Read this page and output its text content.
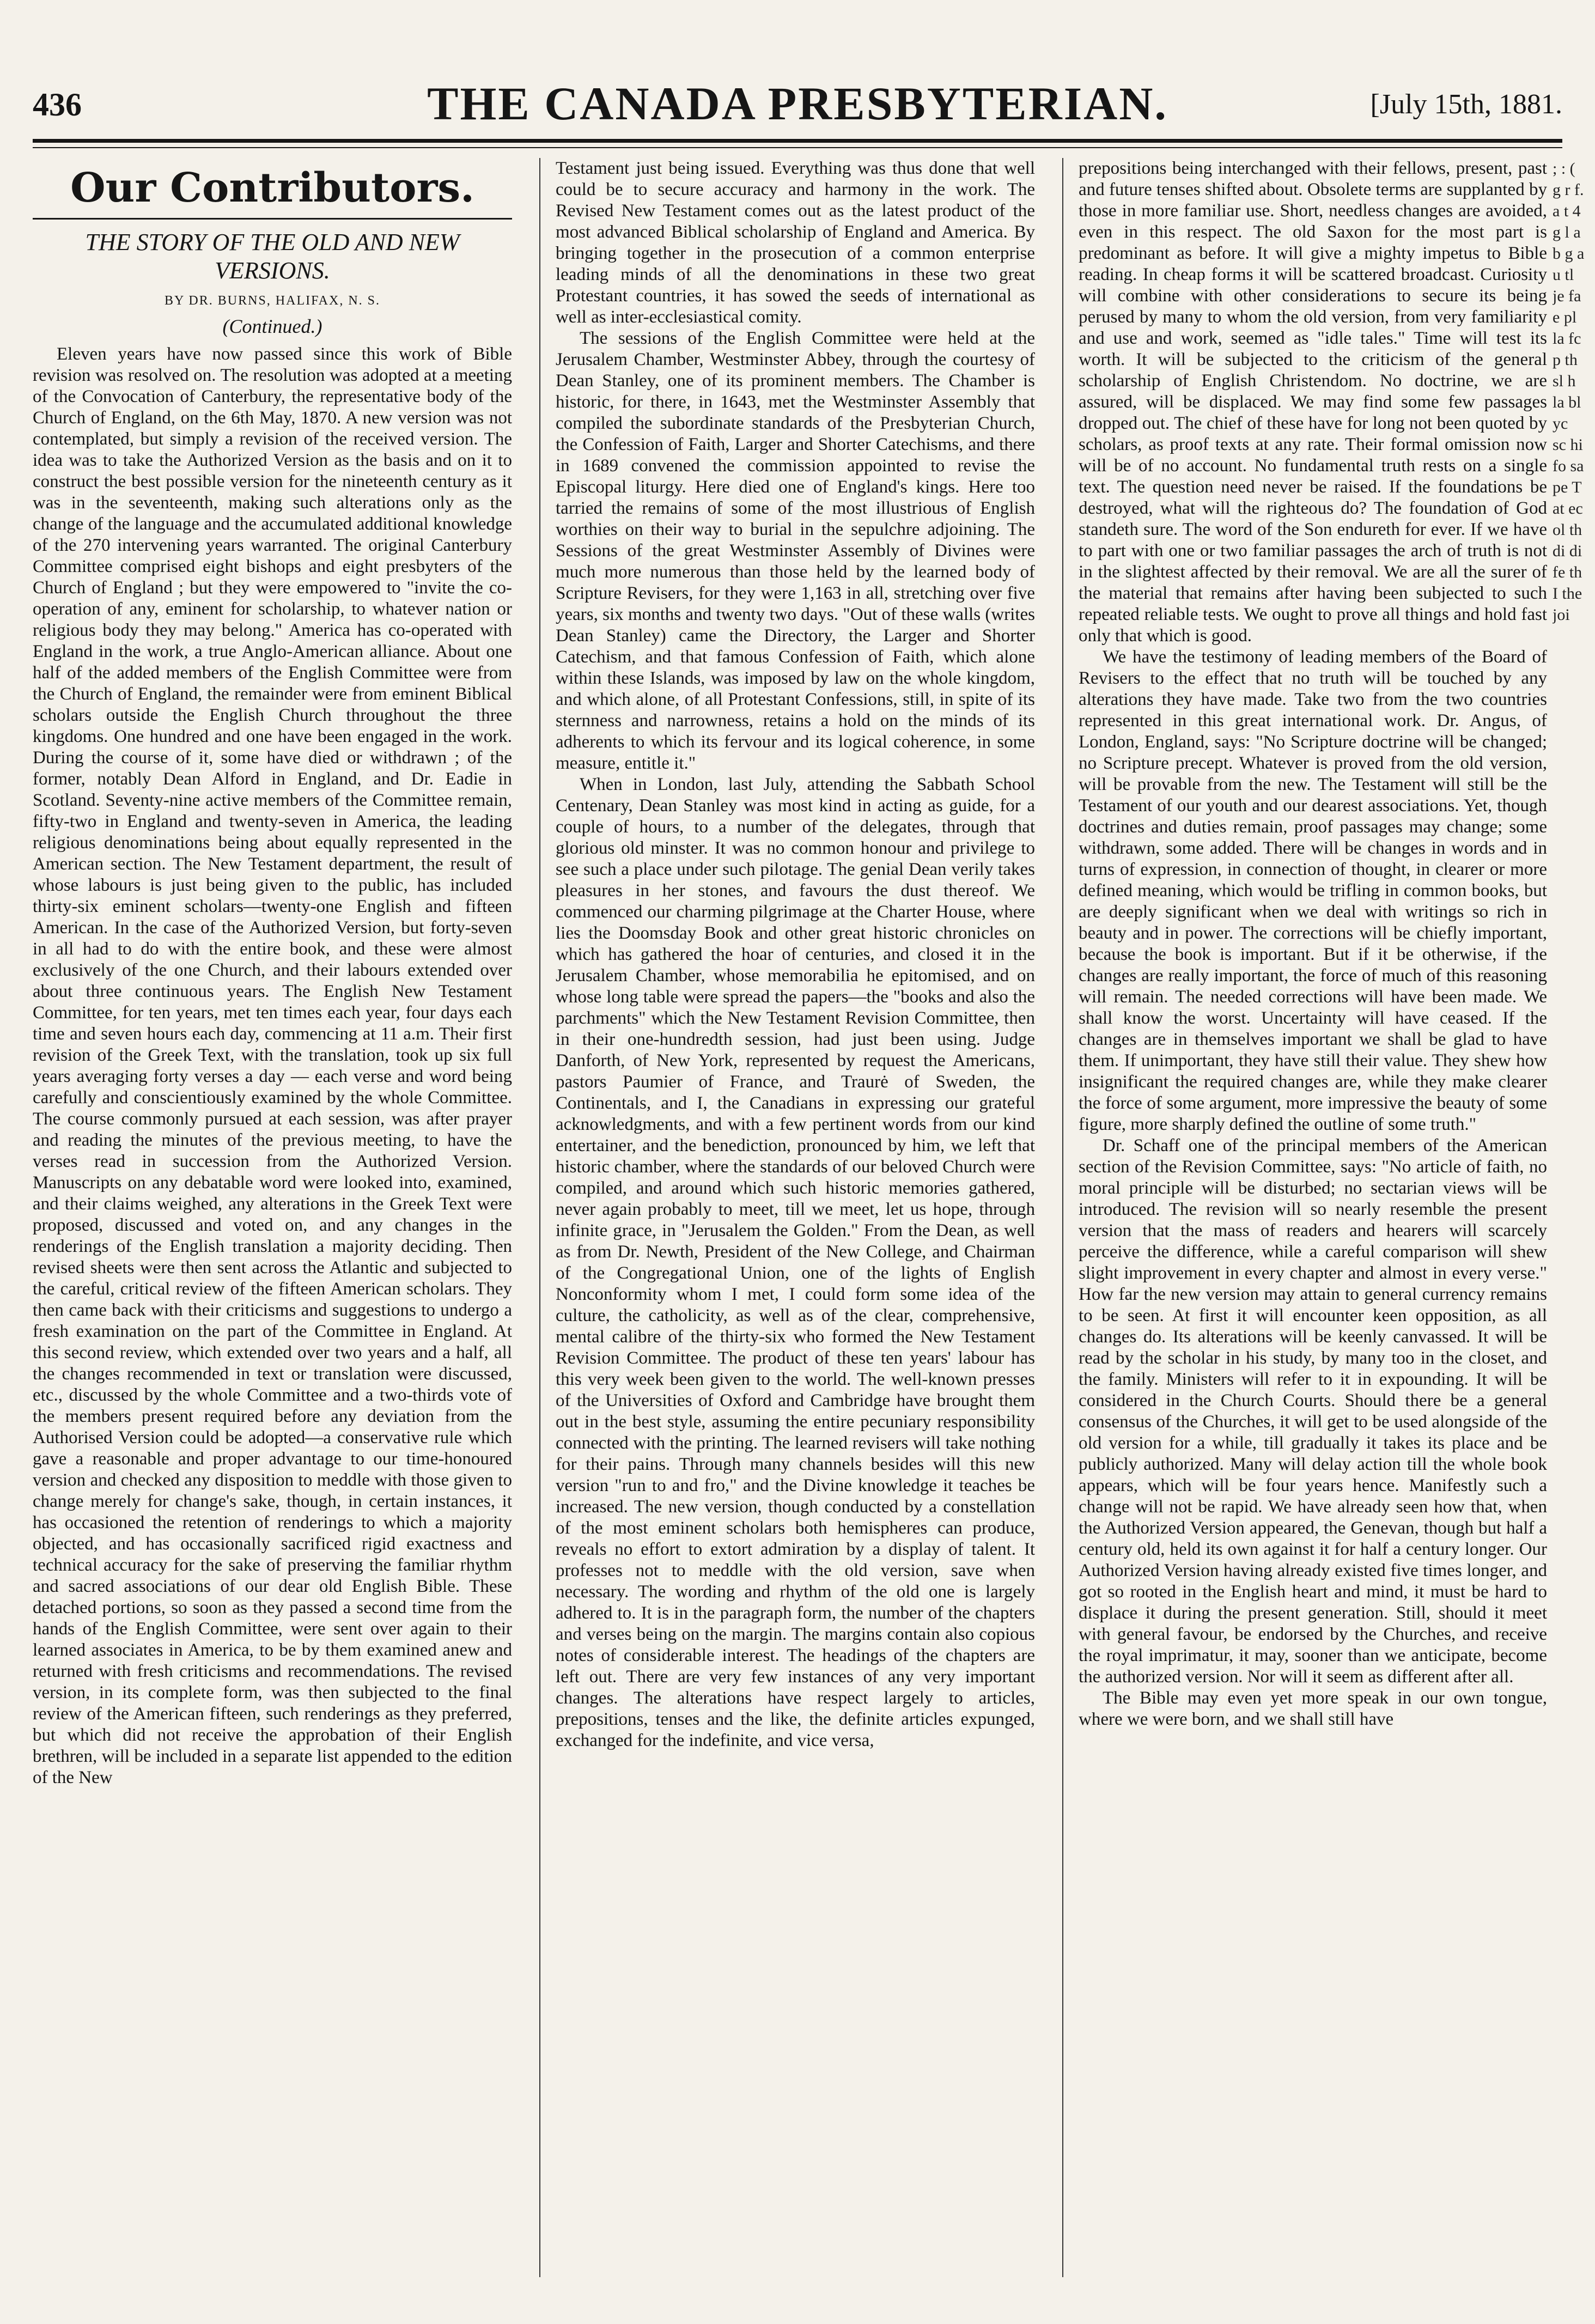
436	THE CANADA PRESBYTERIAN.	[July 15th, 1881.
Our Contributors.
THE STORY OF THE OLD AND NEW VERSIONS.
BY DR. BURNS, HALIFAX, N. S.
(Continued.)

Eleven years have now passed since this work of Bible revision was resolved on. The resolution was adopted at a meeting of the Convocation of Canterbury, the representative body of the Church of England, on the 6th May, 1870. A new version was not contemplated, but simply a revision of the received version. The idea was to take the Authorized Version as the basis and on it to construct the best possible version for the nineteenth century as it was in the seventeenth, making such alterations only as the change of the language and the accumulated additional knowledge of the 270 intervening years warranted. The original Canterbury Committee comprised eight bishops and eight presbyters of the Church of England ; but they were empowered to "invite the co-operation of any, eminent for scholarship, to whatever nation or religious body they may belong." America has co-operated with England in the work, a true Anglo-American alliance. About one half of the added members of the English Committee were from the Church of England, the remainder were from eminent Biblical scholars outside the English Church throughout the three kingdoms. One hundred and one have been engaged in the work. During the course of it, some have died or withdrawn ; of the former, notably Dean Alford in England, and Dr. Eadie in Scotland. Seventy-nine active members of the Committee remain, fifty-two in England and twenty-seven in America, the leading religious denominations being about equally represented in the American section. The New Testament department, the result of whose labours is just being given to the public, has included thirty-six eminent scholars—twenty-one English and fifteen American. In the case of the Authorized Version, but forty-seven in all had to do with the entire book, and these were almost exclusively of the one Church, and their labours extended over about three continuous years. The English New Testament Committee, for ten years, met ten times each year, four days each time and seven hours each day, commencing at 11 a.m. Their first revision of the Greek Text, with the translation, took up six full years averaging forty verses a day — each verse and word being carefully and conscientiously examined by the whole Committee. The course commonly pursued at each session, was after prayer and reading the minutes of the previous meeting, to have the verses read in succession from the Authorized Version. Manuscripts on any debatable word were looked into, examined, and their claims weighed, any alterations in the Greek Text were proposed, discussed and voted on, and any changes in the renderings of the English translation a majority deciding. Then revised sheets were then sent across the Atlantic and subjected to the careful, critical review of the fifteen American scholars. They then came back with their criticisms and suggestions to undergo a fresh examination on the part of the Committee in England. At this second review, which extended over two years and a half, all the changes recommended in text or translation were discussed, etc., discussed by the whole Committee and a two-thirds vote of the members present required before any deviation from the Authorised Version could be adopted—a conservative rule which gave a reasonable and proper advantage to our time-honoured version and checked any disposition to meddle with those given to change merely for change's sake, though, in certain instances, it has occasioned the retention of renderings to which a majority objected, and has occasionally sacrificed rigid exactness and technical accuracy for the sake of preserving the familiar rhythm and sacred associations of our dear old English Bible. These detached portions, so soon as they passed a second time from the hands of the English Committee, were sent over again to their learned associates in America, to be by them examined anew and returned with fresh criticisms and recommendations. The revised version, in its complete form, was then subjected to the final review of the American fifteen, such renderings as they preferred, but which did not receive the approbation of their English brethren, will be included in a separate list appended to the edition of the New

Testament just being issued. Everything was thus done that well could be to secure accuracy and harmony in the work. The Revised New Testament comes out as the latest product of the most advanced Biblical scholarship of England and America. By bringing together in the prosecution of a common enterprise leading minds of all the denominations in these two great Protestant countries, it has sowed the seeds of international as well as inter-ecclesiastical comity.

The sessions of the English Committee were held at the Jerusalem Chamber, Westminster Abbey, through the courtesy of Dean Stanley, one of its prominent members. The Chamber is historic, for there, in 1643, met the Westminster Assembly that compiled the subordinate standards of the Presbyterian Church, the Confession of Faith, Larger and Shorter Catechisms, and there in 1689 convened the commission appointed to revise the Episcopal liturgy. Here died one of England's kings. Here too tarried the remains of some of the most illustrious of English worthies on their way to burial in the sepulchre adjoining. The Sessions of the great Westminster Assembly of Divines were much more numerous than those held by the learned body of Scripture Revisers, for they were 1,163 in all, stretching over five years, six months and twenty two days. "Out of these walls (writes Dean Stanley) came the Directory, the Larger and Shorter Catechism, and that famous Confession of Faith, which alone within these Islands, was imposed by law on the whole kingdom, and which alone, of all Protestant Confessions, still, in spite of its sternness and narrowness, retains a hold on the minds of its adherents to which its fervour and its logical coherence, in some measure, entitle it."

When in London, last July, attending the Sabbath School Centenary, Dean Stanley was most kind in acting as guide, for a couple of hours, to a number of the delegates, through that glorious old minster. It was no common honour and privilege to see such a place under such pilotage. The genial Dean verily takes pleasures in her stones, and favours the dust thereof. We commenced our charming pilgrimage at the Charter House, where lies the Doomsday Book and other great historic chronicles on which has gathered the hoar of centuries, and closed it in the Jerusalem Chamber, whose memorabilia he epitomised, and on whose long table were spread the papers—the "books and also the parchments" which the New Testament Revision Committee, then in their one-hundredth session, had just been using. Judge Danforth, of New York, represented by request the Americans, pastors Paumier of France, and Traurė of Sweden, the Continentals, and I, the Canadians in expressing our grateful acknowledgments, and with a few pertinent words from our kind entertainer, and the benediction, pronounced by him, we left that historic chamber, where the standards of our beloved Church were compiled, and around which such historic memories gathered, never again probably to meet, till we meet, let us hope, through infinite grace, in "Jerusalem the Golden." From the Dean, as well as from Dr. Newth, President of the New College, and Chairman of the Congregational Union, one of the lights of English Nonconformity whom I met, I could form some idea of the culture, the catholicity, as well as of the clear, comprehensive, mental calibre of the thirty-six who formed the New Testament Revision Committee. The product of these ten years' labour has this very week been given to the world. The well-known presses of the Universities of Oxford and Cambridge have brought them out in the best style, assuming the entire pecuniary responsibility connected with the printing. The learned revisers will take nothing for their pains. Through many channels besides will this new version "run to and fro," and the Divine knowledge it teaches be increased. The new version, though conducted by a constellation of the most eminent scholars both hemispheres can produce, reveals no effort to extort admiration by a display of talent. It professes not to meddle with the old version, save when necessary. The wording and rhythm of the old one is largely adhered to. It is in the paragraph form, the number of the chapters and verses being on the margin. The margins contain also copious notes of considerable interest. The headings of the chapters are left out. There are very few instances of any very important changes. The alterations have respect largely to articles, prepositions, tenses and the like, the definite articles expunged, exchanged for the indefinite, and vice versa,

prepositions being interchanged with their fellows, present, past and future tenses shifted about. Obsolete terms are supplanted by those in more familiar use. Short, needless changes are avoided, even in this respect. The old Saxon for the most part is predominant as before. It will give a mighty impetus to Bible reading. In cheap forms it will be scattered broadcast. Curiosity will combine with other considerations to secure its being perused by many to whom the old version, from very familiarity and use and work, seemed as "idle tales." Time will test its worth. It will be subjected to the criticism of the general scholarship of English Christendom. No doctrine, we are assured, will be displaced. We may find some few passages dropped out. The chief of these have for long not been quoted by scholars, as proof texts at any rate. Their formal omission now will be of no account. No fundamental truth rests on a single text. The question need never be raised. If the foundations be destroyed, what will the righteous do? The foundation of God standeth sure. The word of the Son endureth for ever. If we have to part with one or two familiar passages the arch of truth is not in the slightest affected by their removal. We are all the surer of the material that remains after having been subjected to such repeated reliable tests. We ought to prove all things and hold fast only that which is good.

We have the testimony of leading members of the Board of Revisers to the effect that no truth will be touched by any alterations they have made. Take two from the two countries represented in this great international work. Dr. Angus, of London, England, says: "No Scripture doctrine will be changed; no Scripture precept. Whatever is proved from the old version, will be provable from the new. The Testament will still be the Testament of our youth and our dearest associations. Yet, though doctrines and duties remain, proof passages may change; some withdrawn, some added. There will be changes in words and in turns of expression, in connection of thought, in clearer or more defined meaning, which would be trifling in common books, but are deeply significant when we deal with writings so rich in beauty and in power. The corrections will be chiefly important, because the book is important. But if it be otherwise, if the changes are really important, the force of much of this reasoning will remain. The needed corrections will have been made. We shall know the worst. Uncertainty will have ceased. If the changes are in themselves important we shall be glad to have them. If unimportant, they have still their value. They shew how insignificant the required changes are, while they make clearer the force of some argument, more impressive the beauty of some figure, more sharply defined the outline of some truth."

Dr. Schaff one of the principal members of the American section of the Revision Committee, says: "No article of faith, no moral principle will be disturbed; no sectarian views will be introduced. The revision will so nearly resemble the present version that the mass of readers and hearers will scarcely perceive the difference, while a careful comparison will shew slight improvement in every chapter and almost in every verse." How far the new version may attain to general currency remains to be seen. At first it will encounter keen opposition, as all changes do. Its alterations will be keenly canvassed. It will be read by the scholar in his study, by many too in the closet, and the family. Ministers will refer to it in expounding. It will be considered in the Church Courts. Should there be a general consensus of the Churches, it will get to be used alongside of the old version for a while, till gradually it takes its place and be publicly authorized. Many will delay action till the whole book appears, which will be four years hence. Manifestly such a change will not be rapid. We have already seen how that, when the Authorized Version appeared, the Genevan, though but half a century old, held its own against it for half a century longer. Our Authorized Version having already existed five times longer, and got so rooted in the English heart and mind, it must be hard to displace it during the present generation. Still, should it meet with general favour, be endorsed by the Churches, and receive the royal imprimatur, it may, sooner than we anticipate, become the authorized version. Nor will it seem as different after all.

The Bible may even yet more speak in our own tongue, where we were born, and we shall still have

; : ( g r f. a t 4 g l a b g a u tl je fa e pl la fc p th sl h la bl yc sc hi fo sa pe T at ec ol th di di fe th I the joi
